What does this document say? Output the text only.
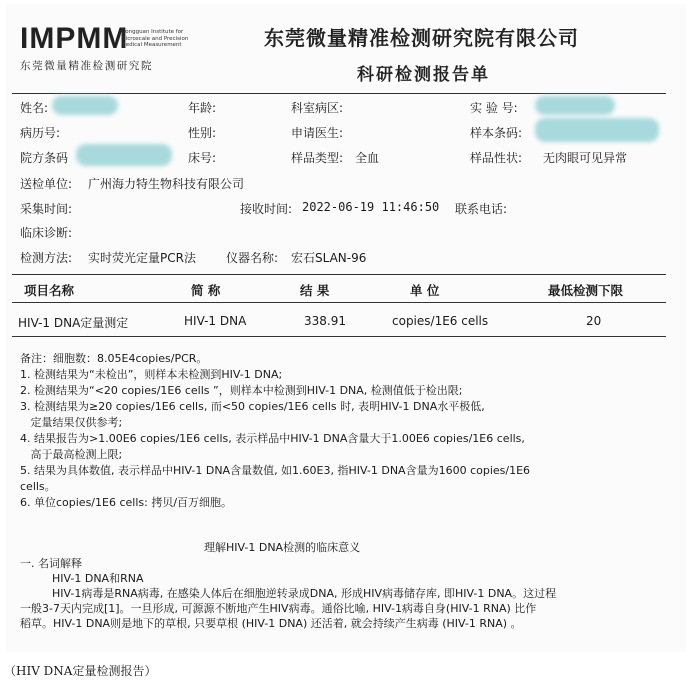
IMPMM
Dongguan Institute for
Microscale and Precision
Medical Measurement
东莞微量精准检测研究院
东莞微量精准检测研究院有限公司
科研检测报告单
姓名:	年龄:	科室病区:	实 验 号:
病历号:	性别:	申请医生:	样本条码:
院方条码	床号:	样品类型: 全血	样品性状: 无肉眼可见异常
送检单位: 广州海力特生物科技有限公司
采集时间:	接收时间: 2022-06-19 11:46:50 联系电话:
临床诊断:
检测方法: 实时荧光定量PCR法	仪器名称: 宏石SLAN-96
项目名称	简 称	结 果	单 位	最低检测下限
HIV-1 DNA定量测定	HIV-1 DNA	338.91	copies/1E6 cells	20
备注：细胞数：8.05E4copies/PCR。
1. 检测结果为“未检出”，则样本未检测到HIV-1 DNA;
2. 检测结果为“<20 copies/1E6 cells ”，则样本中检测到HIV-1 DNA, 检测值低于检出限;
3. 检测结果为≥20 copies/1E6 cells, 而<50 copies/1E6 cells 时, 表明HIV-1 DNA水平极低,
定量结果仅供参考;
4. 结果报告为>1.00E6 copies/1E6 cells, 表示样品中HIV-1 DNA含量大于1.00E6 copies/1E6 cells,
高于最高检测上限;
5. 结果为具体数值, 表示样品中HIV-1 DNA含量数值, 如1.60E3, 指HIV-1 DNA含量为1600 copies/1E6
cells。
6. 单位copies/1E6 cells: 拷贝/百万细胞。
理解HIV-1 DNA检测的临床意义
一. 名词解释
HIV-1 DNA和RNA
HIV-1病毒是RNA病毒, 在感染人体后在细胞逆转录成DNA, 形成HIV病毒储存库, 即HIV-1 DNA。这过程
一般3-7天内完成[1]。一旦形成, 可源源不断地产生HIV病毒。通俗比喻, HIV-1病毒自身(HIV-1 RNA) 比作
稻草。HIV-1 DNA则是地下的草根, 只要草根 (HIV-1 DNA) 还活着, 就会持续产生病毒 (HIV-1 RNA) 。
（HIV DNA定量检测报告）
